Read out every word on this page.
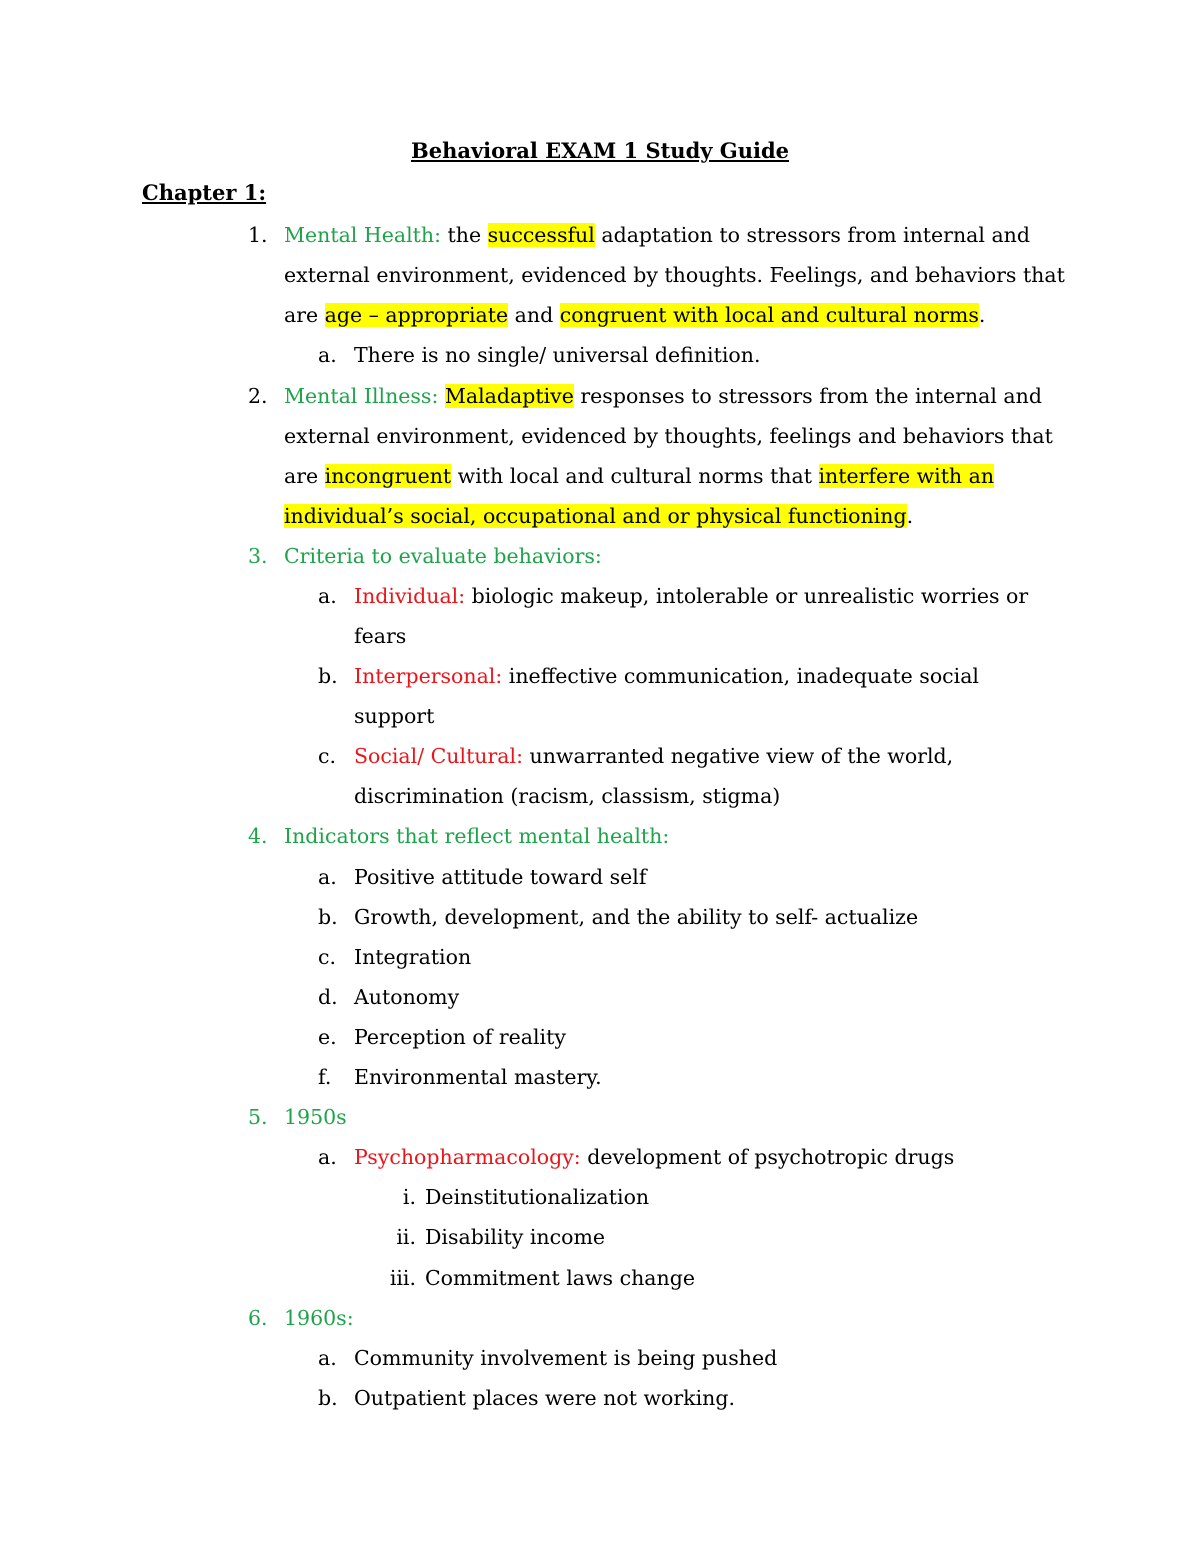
Behavioral EXAM 1 Study Guide
Chapter 1:
1. Mental Health: the successful adaptation to stressors from internal and
external environment, evidenced by thoughts. Feelings, and behaviors that
are age – appropriate and congruent with local and cultural norms.
a. There is no single/ universal definition.
2. Mental Illness: Maladaptive responses to stressors from the internal and
external environment, evidenced by thoughts, feelings and behaviors that
are incongruent with local and cultural norms that interfere with an
individual’s social, occupational and or physical functioning.
3. Criteria to evaluate behaviors:
a. Individual: biologic makeup, intolerable or unrealistic worries or
fears
b. Interpersonal: ineffective communication, inadequate social
support
c. Social/ Cultural: unwarranted negative view of the world,
discrimination (racism, classism, stigma)
4. Indicators that reflect mental health:
a. Positive attitude toward self
b. Growth, development, and the ability to self- actualize
c. Integration
d. Autonomy
e. Perception of reality
f. Environmental mastery.
5. 1950s
a. Psychopharmacology: development of psychotropic drugs
i. Deinstitutionalization
ii. Disability income
iii. Commitment laws change
6. 1960s:
a. Community involvement is being pushed
b. Outpatient places were not working.
